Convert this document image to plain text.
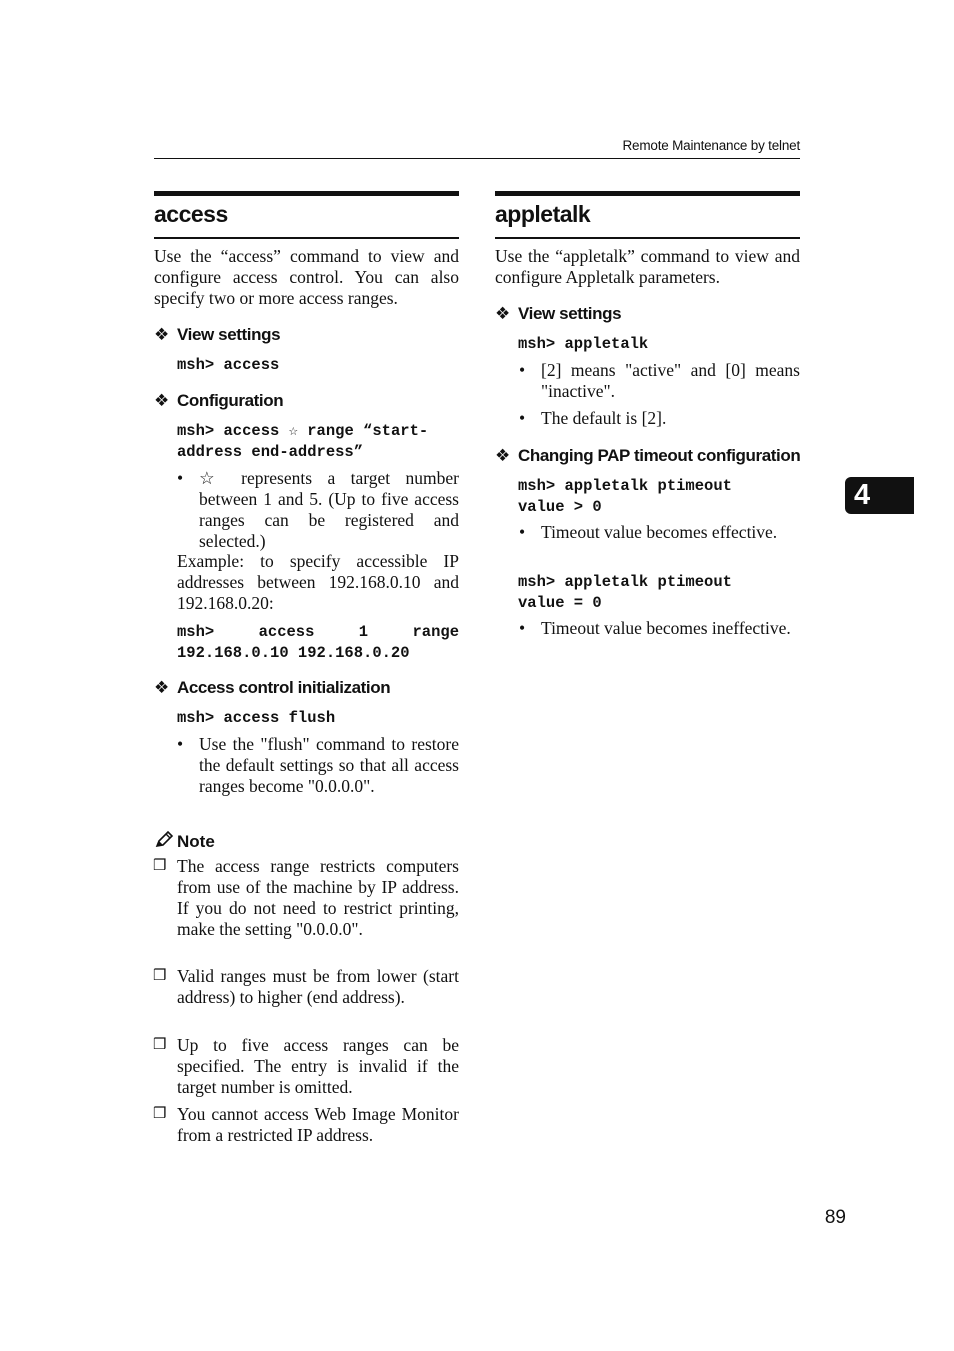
Remote Maintenance by telnet
access
Use the “access” command to view and configure access control. You can also specify two or more access ranges.
❖ View settings
msh> access
❖ Configuration
msh> access ☆ range “start-
address end-address”
• ☆ represents a target number between 1 and 5. (Up to five access ranges can be registered and selected.)
Example: to specify accessible IP addresses between 192.168.0.10 and 192.168.0.20:
msh> access 1 range
192.168.0.10 192.168.0.20
❖ Access control initialization
msh> access flush
• Use the "flush" command to restore the default settings so that all access ranges become "0.0.0.0".
Note
❒ The access range restricts computers from use of the machine by IP address. If you do not need to restrict printing, make the setting "0.0.0.0".
❒ Valid ranges must be from lower (start address) to higher (end address).
❒ Up to five access ranges can be specified. The entry is invalid if the target number is omitted.
❒ You cannot access Web Image Monitor from a restricted IP address.
appletalk
Use the “appletalk” command to view and configure Appletalk parameters.
❖ View settings
msh> appletalk
• [2] means "active" and [0] means "inactive".
• The default is [2].
❖ Changing PAP timeout configuration
msh> appletalk ptimeout
value > 0
• Timeout value becomes effective.
msh> appletalk ptimeout
value = 0
• Timeout value becomes ineffective.
4
89
